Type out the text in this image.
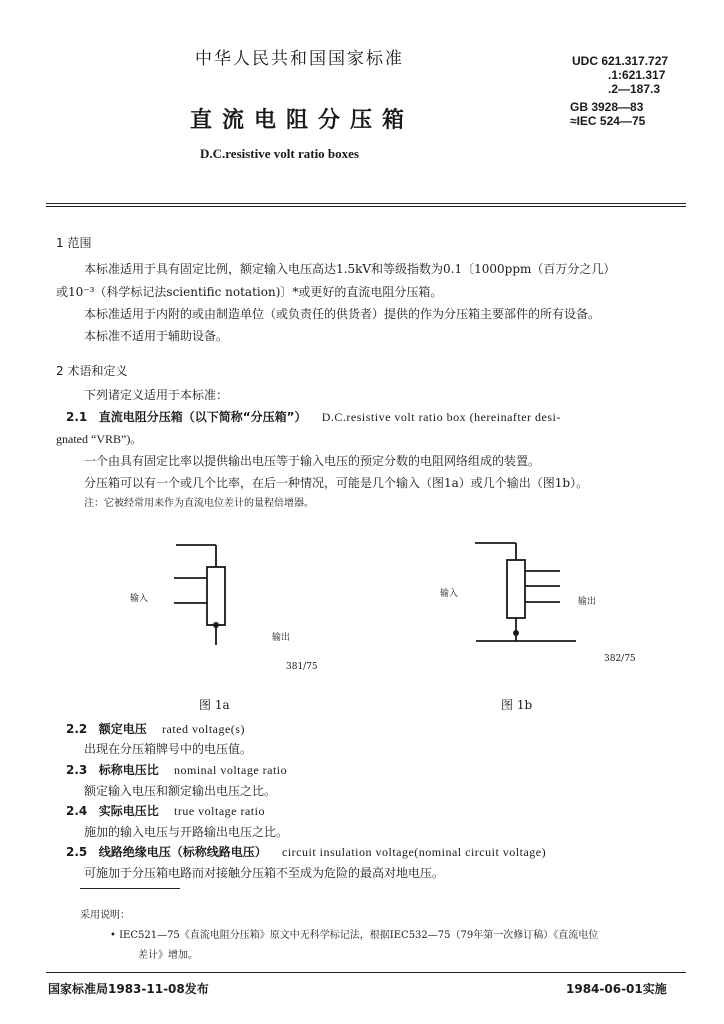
中华人民共和国国家标准
直流电阻分压箱
D.C.resistive volt ratio boxes
UDC 621.317.727
.1:621.317
.2—187.3
GB 3928—83
≈IEC 524—75
1 范围
本标准适用于具有固定比例，额定输入电压高达1.5kV和等级指数为0.1〔1000ppm（百万分之几）
或10⁻³（科学标记法scientific notation)〕*或更好的直流电阻分压箱。
本标准适用于内附的或由制造单位（或负责任的供货者）提供的作为分压箱主要部件的所有设备。
本标准不适用于辅助设备。
2 术语和定义
下列诸定义适用于本标准：
2.1 直流电阻分压箱（以下简称“分压箱”） D.C.resistive volt ratio box (hereinafter desi-
gnated “VRB”)。
一个由具有固定比率以提供输出电压等于输入电压的预定分数的电阻网络组成的装置。
分压箱可以有一个或几个比率，在后一种情况，可能是几个输入（图1a）或几个输出（图1b）。
注：它被经常用来作为直流电位差计的量程倍增器。
输入
输出
381/75
图 1a
输入
输出
382/75
图 1b
2.2 额定电压 rated voltage(s)
出现在分压箱牌号中的电压值。
2.3 标称电压比 nominal voltage ratio
额定输入电压和额定输出电压之比。
2.4 实际电压比 true voltage ratio
施加的输入电压与开路输出电压之比。
2.5 线路绝缘电压（标称线路电压） circuit insulation voltage(nominal circuit voltage)
可施加于分压箱电路而对接触分压箱不至成为危险的最高对地电压。
采用说明：
• IEC521—75《直流电阻分压箱》原文中无科学标记法，根据IEC532—75（79年第一次修订稿）《直流电位
差计》增加。
国家标准局1983-11-08发布	1984-06-01实施
